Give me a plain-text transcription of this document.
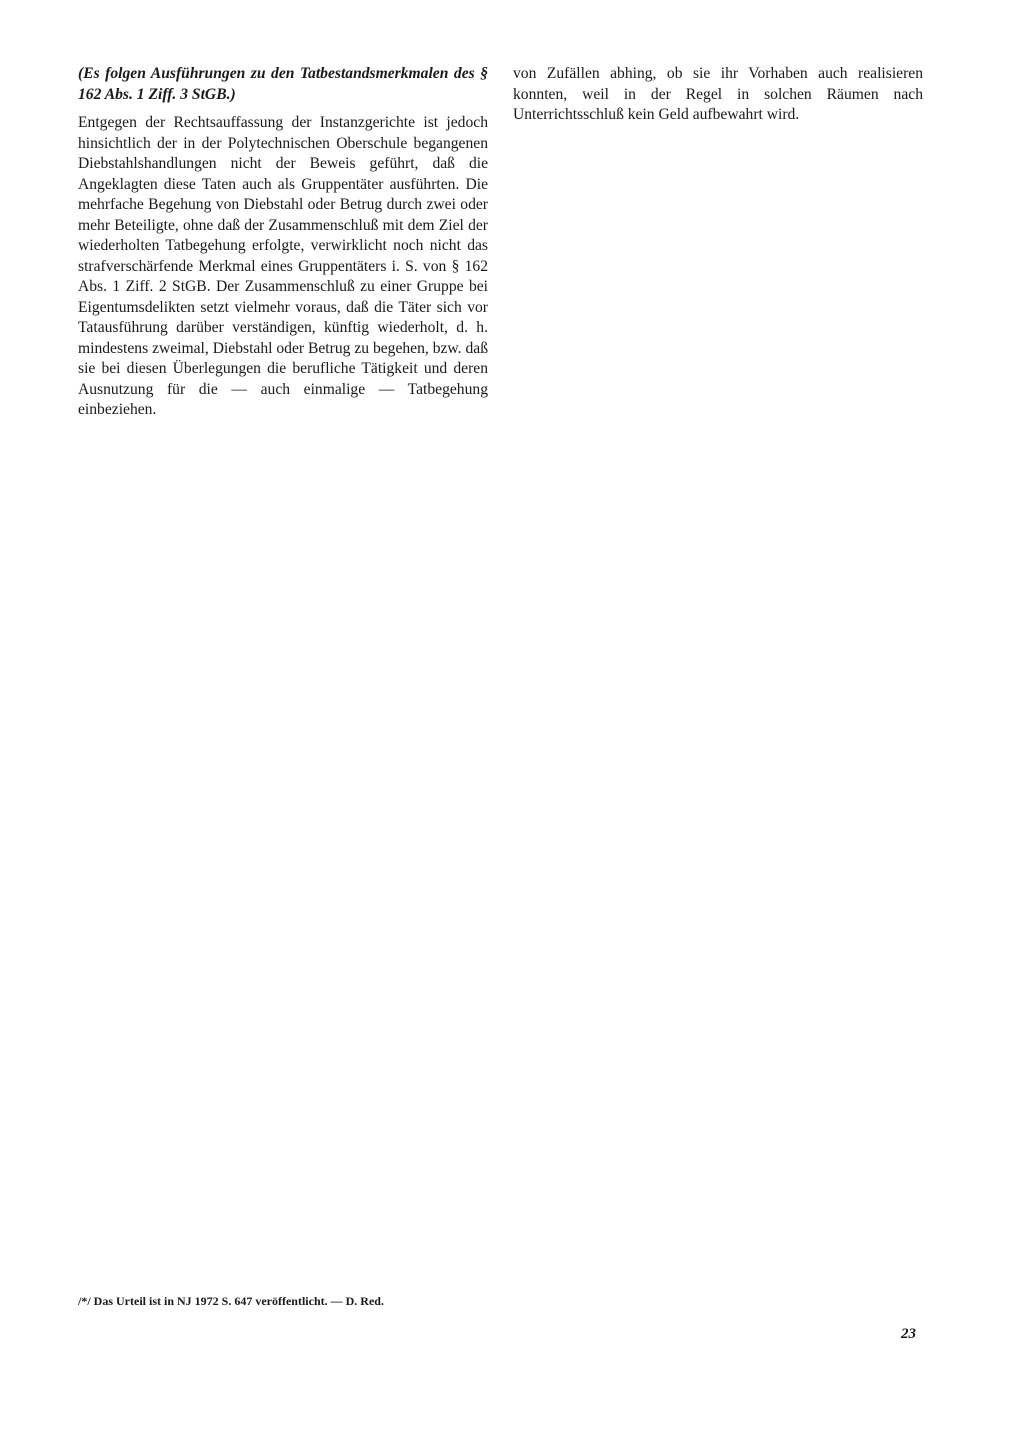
(Es folgen Ausführungen zu den Tatbestandsmerkmalen des § 162 Abs. 1 Ziff. 3 StGB.)

Entgegen der Rechtsauffassung der Instanzgerichte ist jedoch hinsichtlich der in der Polytechnischen Oberschule begangenen Diebstahlshandlungen nicht der Beweis geführt, daß die Angeklagten diese Taten auch als Gruppentäter ausführten. Die mehrfache Begehung von Diebstahl oder Betrug durch zwei oder mehr Beteiligte, ohne daß der Zusammenschluß mit dem Ziel der wiederholten Tatbegehung erfolgte, verwirklicht noch nicht das strafverschärfende Merkmal eines Gruppentäters i. S. von § 162 Abs. 1 Ziff. 2 StGB. Der Zusammenschluß zu einer Gruppe bei Eigentumsdelikten setzt vielmehr voraus, daß die Täter sich vor Tatausführung darüber verständigen, künftig wiederholt, d. h. mindestens zweimal, Diebstahl oder Betrug zu begehen, bzw. daß sie bei diesen Überlegungen die berufliche Tätigkeit und deren Ausnutzung für die — auch einmalige — Tatbegehung einbeziehen.

von Zufällen abhing, ob sie ihr Vorhaben auch realisieren konnten, weil in der Regel in solchen Räumen nach Unterrichtsschluß kein Geld aufbewahrt wird.

/*/ Das Urteil ist in NJ 1972 S. 647 veröffentlicht. — D. Red.
23
